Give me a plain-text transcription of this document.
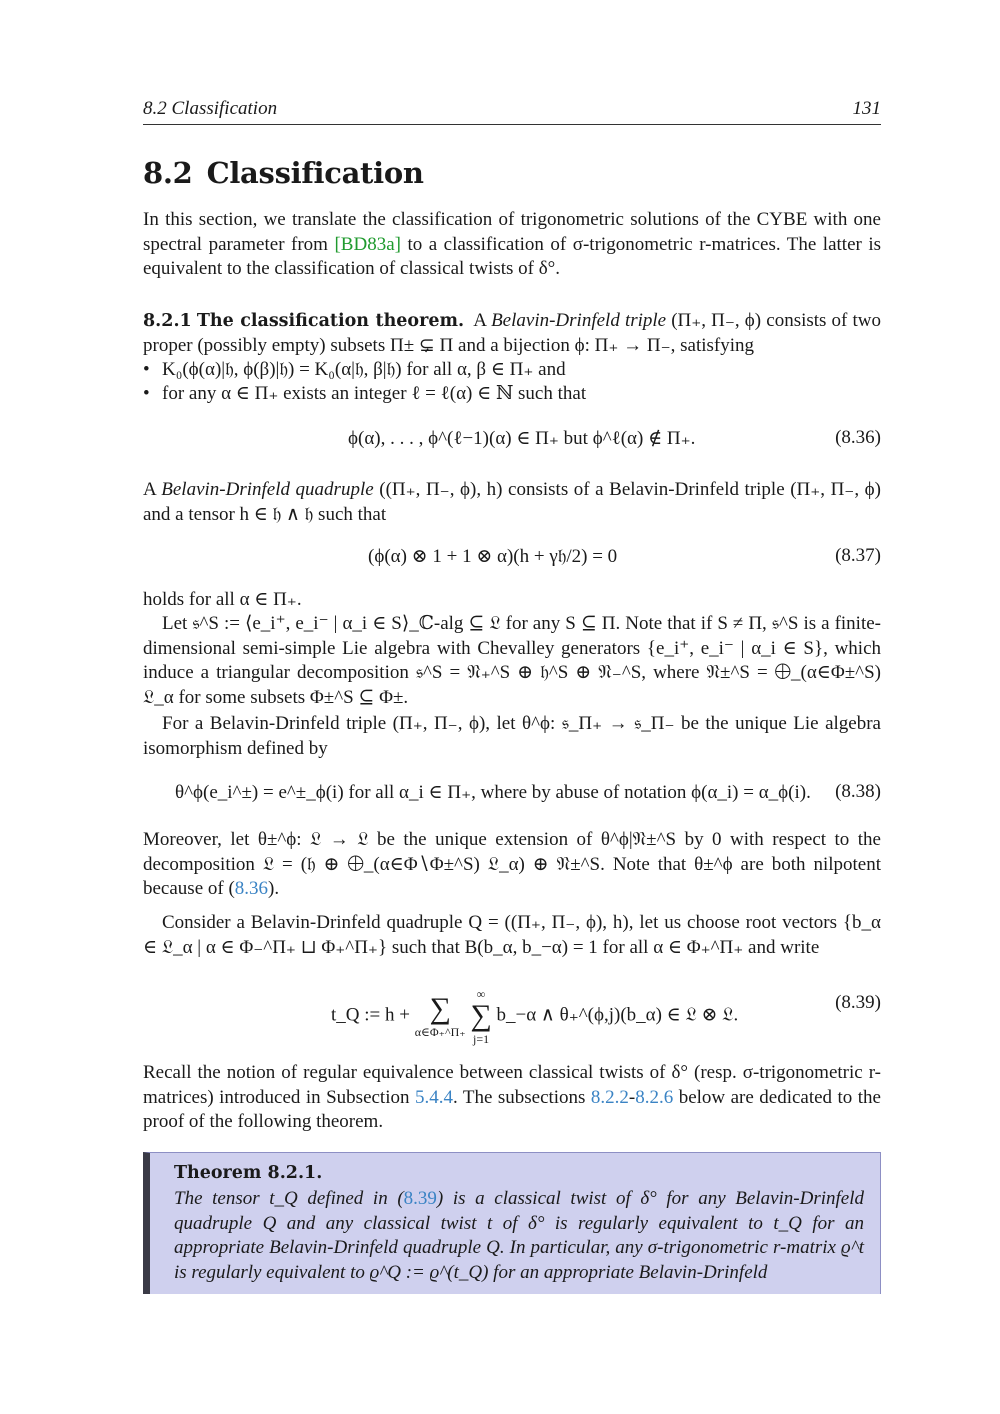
8.2 Classification	131
8.2 Classification
In this section, we translate the classification of trigonometric solutions of the CYBE with one spectral parameter from [BD83a] to a classification of σ-trigonometric r-matrices. The latter is equivalent to the classification of classical twists of δ°.
8.2.1 The classification theorem. A Belavin-Drinfeld triple (Π₊, Π₋, ϕ) consists of two proper (possibly empty) subsets Π± ⊊ Π and a bijection ϕ: Π₊ → Π₋, satisfying
• K₀(ϕ(α)|𝔥, ϕ(β)|𝔥) = K₀(α|𝔥, β|𝔥) for all α, β ∈ Π₊ and
• for any α ∈ Π₊ exists an integer ℓ = ℓ(α) ∈ ℕ such that
ϕ(α), . . . , ϕ^(ℓ−1)(α) ∈ Π₊ but ϕ^ℓ(α) ∉ Π₊.	(8.36)
A Belavin-Drinfeld quadruple ((Π₊, Π₋, ϕ), h) consists of a Belavin-Drinfeld triple (Π₊, Π₋, ϕ) and a tensor h ∈ 𝔥 ∧ 𝔥 such that
(ϕ(α) ⊗ 1 + 1 ⊗ α)(h + γ𝔥/2) = 0	(8.37)
holds for all α ∈ Π₊.
Let 𝔰^S := ⟨e_i⁺, e_i⁻ | α_i ∈ S⟩_ℂ-alg ⊆ 𝔏 for any S ⊆ Π. Note that if S ≠ Π, 𝔰^S is a finite-dimensional semi-simple Lie algebra with Chevalley generators {e_i⁺, e_i⁻ | α_i ∈ S}, which induce a triangular decomposition 𝔰^S = 𝔑₊^S ⊕ 𝔥^S ⊕ 𝔑₋^S, where 𝔑±^S = ⨁_(α∈Φ±^S) 𝔏_α for some subsets Φ±^S ⊆ Φ±.
For a Belavin-Drinfeld triple (Π₊, Π₋, ϕ), let θ^ϕ: 𝔰_Π₊ → 𝔰_Π₋ be the unique Lie algebra isomorphism defined by
θ^ϕ(e_i^±) = e^±_ϕ(i) for all α_i ∈ Π₊, where by abuse of notation ϕ(α_i) = α_ϕ(i). (8.38)
Moreover, let θ±^ϕ: 𝔏 → 𝔏 be the unique extension of θ^ϕ|𝔑±^S by 0 with respect to the decomposition 𝔏 = (𝔥 ⊕ ⨁_(α∈Φ∖Φ±^S) 𝔏_α) ⊕ 𝔑±^S. Note that θ±^ϕ are both nilpotent because of (8.36).
Consider a Belavin-Drinfeld quadruple Q = ((Π₊, Π₋, ϕ), h), let us choose root vectors {b_α ∈ 𝔏_α | α ∈ Φ₋^Π₊ ⊔ Φ₊^Π₊} such that B(b_α, b_−α) = 1 for all α ∈ Φ₊^Π₊ and write
t_Q := h + ∑
α∈Φ₊^Π₊ ∞
∑
j=1 b_−α ∧ θ₊^(ϕ,j)(b_α) ∈ 𝔏 ⊗ 𝔏.
(8.39)
Recall the notion of regular equivalence between classical twists of δ° (resp. σ-trigonometric r-matrices) introduced in Subsection 5.4.4. The subsections 8.2.2-8.2.6 below are dedicated to the proof of the following theorem.
Theorem 8.2.1.
The tensor t_Q defined in (8.39) is a classical twist of δ° for any Belavin-Drinfeld quadruple Q and any classical twist t of δ° is regularly equivalent to t_Q for an appropriate Belavin-Drinfeld quadruple Q. In particular, any σ-trigonometric r-matrix ϱ^t is regularly equivalent to ϱ^Q := ϱ^(t_Q) for an appropriate Belavin-Drinfeld
